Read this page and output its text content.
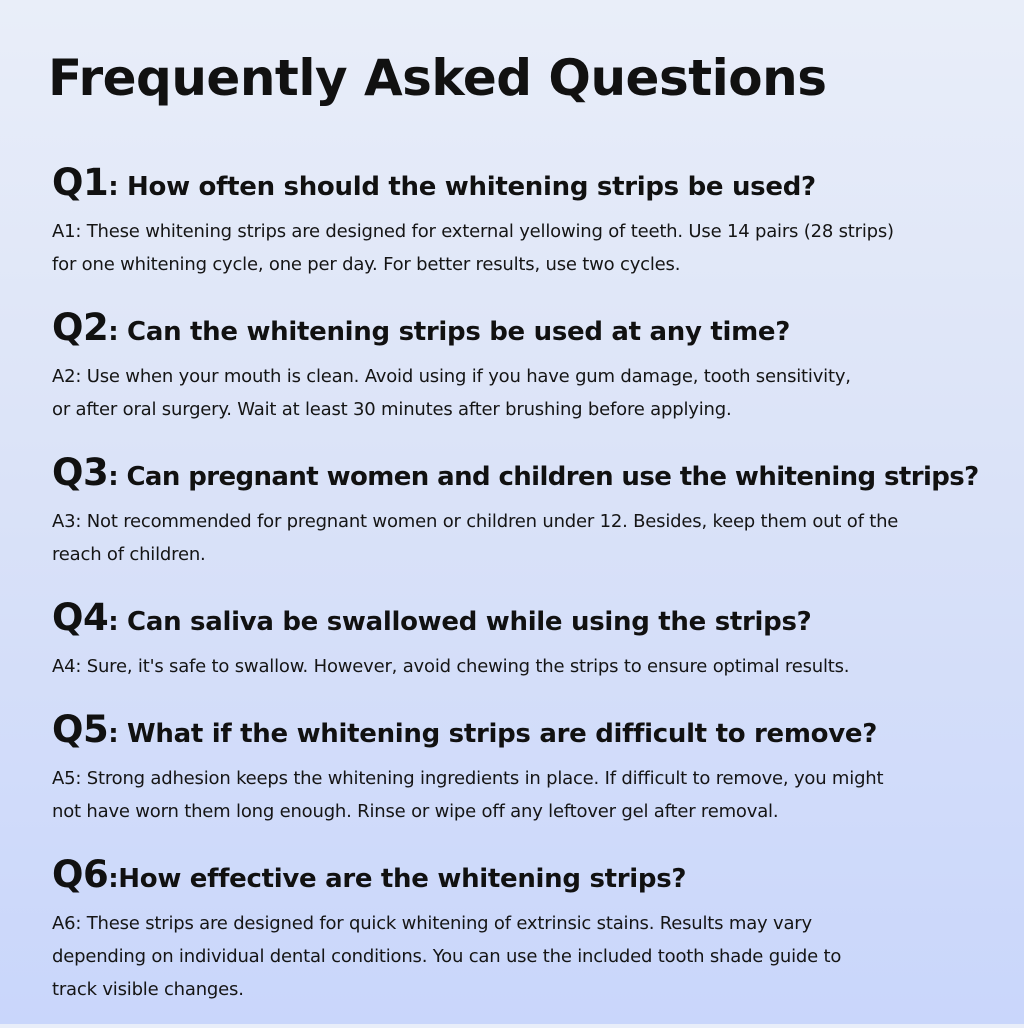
Frequently Asked Questions

Q1: How often should the whitening strips be used?

A1: These whitening strips are designed for external yellowing of teeth. Use 14 pairs (28 strips)

for one whitening cycle, one per day. For better results, use two cycles.

Q2: Can the whitening strips be used at any time?

A2: Use when your mouth is clean. Avoid using if you have gum damage, tooth sensitivity,

or after oral surgery. Wait at least 30 minutes after brushing before applying.

Q3: Can pregnant women and children use the whitening strips?

A3: Not recommended for pregnant women or children under 12. Besides, keep them out of the

reach of children.

Q4: Can saliva be swallowed while using the strips?

A4: Sure, it's safe to swallow. However, avoid chewing the strips to ensure optimal results.

Q5: What if the whitening strips are difficult to remove?

A5: Strong adhesion keeps the whitening ingredients in place. If difficult to remove, you might

not have worn them long enough. Rinse or wipe off any leftover gel after removal.

Q6:How effective are the whitening strips?

A6: These strips are designed for quick whitening of extrinsic stains. Results may vary

depending on individual dental conditions. You can use the included tooth shade guide to

track visible changes.
